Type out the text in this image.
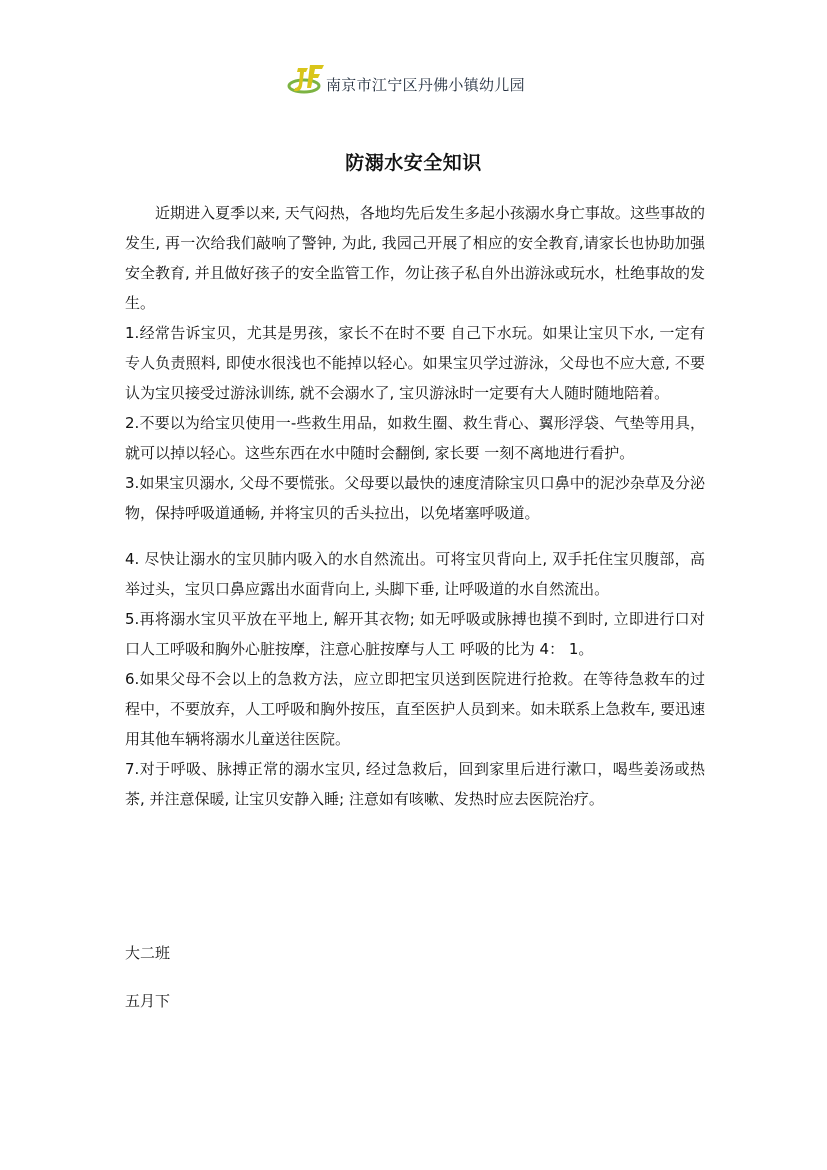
南京市江宁区丹佛小镇幼儿园
防溺水安全知识

近期进入夏季以来, 天气闷热，各地均先后发生多起小孩溺水身亡事故。这些事故的发生, 再一次给我们敲响了警钟, 为此, 我园己开展了相应的安全教育,请家长也协助加强安全教育, 并且做好孩子的安全监管工作，勿让孩子私自外出游泳或玩水，杜绝事故的发生。

1.经常告诉宝贝，尤其是男孩，家长不在时不要 自己下水玩。如果让宝贝下水, 一定有专人负责照料, 即使水很浅也不能掉以轻心。如果宝贝学过游泳，父母也不应大意, 不要认为宝贝接受过游泳训练, 就不会溺水了, 宝贝游泳时一定要有大人随时随地陪着。

2.不要以为给宝贝使用一-些救生用品，如救生圈、救生背心、翼形浮袋、气垫等用具，就可以掉以轻心。这些东西在水中随时会翻倒, 家长要 一刻不离地进行看护。

3.如果宝贝溺水, 父母不要慌张。父母要以最快的速度清除宝贝口鼻中的泥沙杂草及分泌物，保持呼吸道通畅, 并将宝贝的舌头拉出，以免堵塞呼吸道。

4. 尽快让溺水的宝贝肺内吸入的水自然流出。可将宝贝背向上, 双手托住宝贝腹部，高举过头，宝贝口鼻应露出水面背向上, 头脚下垂, 让呼吸道的水自然流出。

5.再将溺水宝贝平放在平地上, 解开其衣物; 如无呼吸或脉搏也摸不到时, 立即进行口对口人工呼吸和胸外心脏按摩，注意心脏按摩与人工 呼吸的比为 4： 1。

6.如果父母不会以上的急救方法，应立即把宝贝送到医院进行抢救。在等待急救车的过程中，不要放弃，人工呼吸和胸外按压，直至医护人员到来。如未联系上急救车, 要迅速用其他车辆将溺水儿童送往医院。

7.对于呼吸、脉搏正常的溺水宝贝, 经过急救后，回到家里后进行漱口，喝些姜汤或热茶, 并注意保暖, 让宝贝安静入睡; 注意如有咳嗽、发热时应去医院治疗。

大二班
五月下
